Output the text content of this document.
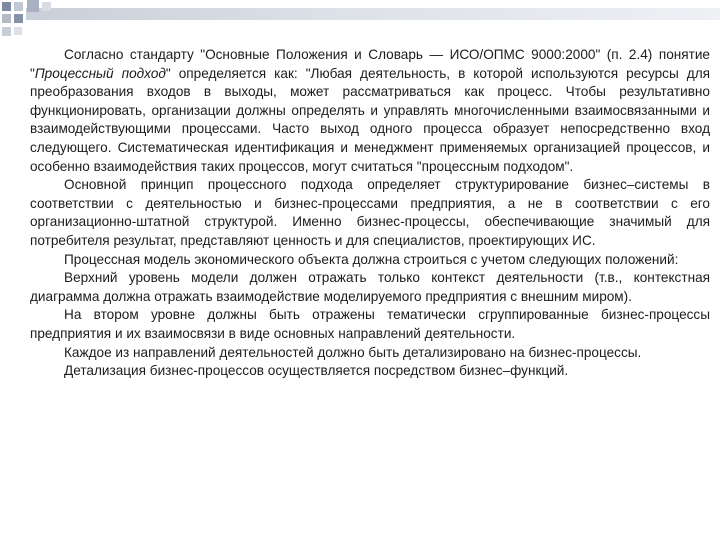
Согласно стандарту "Основные Положения и Словарь — ИСО/ОПМС 9000:2000" (п. 2.4) понятие "Процессный подход" определяется как: "Любая деятельность, в которой используются ресурсы для преобразования входов в выходы, может рассматриваться как процесс. Чтобы результативно функционировать, организации должны определять и управлять многочисленными взаимосвязанными и взаимодействующими процессами. Часто выход одного процесса образует непосредственно вход следующего. Систематическая идентификация и менеджмент применяемых организацией процессов, и особенно взаимодействия таких процессов, могут считаться "процессным подходом".

Основной принцип процессного подхода определяет структурирование бизнес–системы в соответствии с деятельностью и бизнес-процессами предприятия, а не в соответствии с его организационно-штатной структурой. Именно бизнес-процессы, обеспечивающие значимый для потребителя результат, представляют ценность и для специалистов, проектирующих ИС.

Процессная модель экономического объекта должна строиться с учетом следующих положений:

Верхний уровень модели должен отражать только контекст деятельности (т.в., контекстная диаграмма должна отражать взаимодействие моделируемого предприятия с внешним миром).

На втором уровне должны быть отражены тематически сгруппированные бизнес-процессы предприятия и их взаимосвязи в виде основных направлений деятельности.

Каждое из направлений деятельностей должно быть детализировано на бизнес-процессы.

Детализация бизнес-процессов осуществляется посредством бизнес–функций.
